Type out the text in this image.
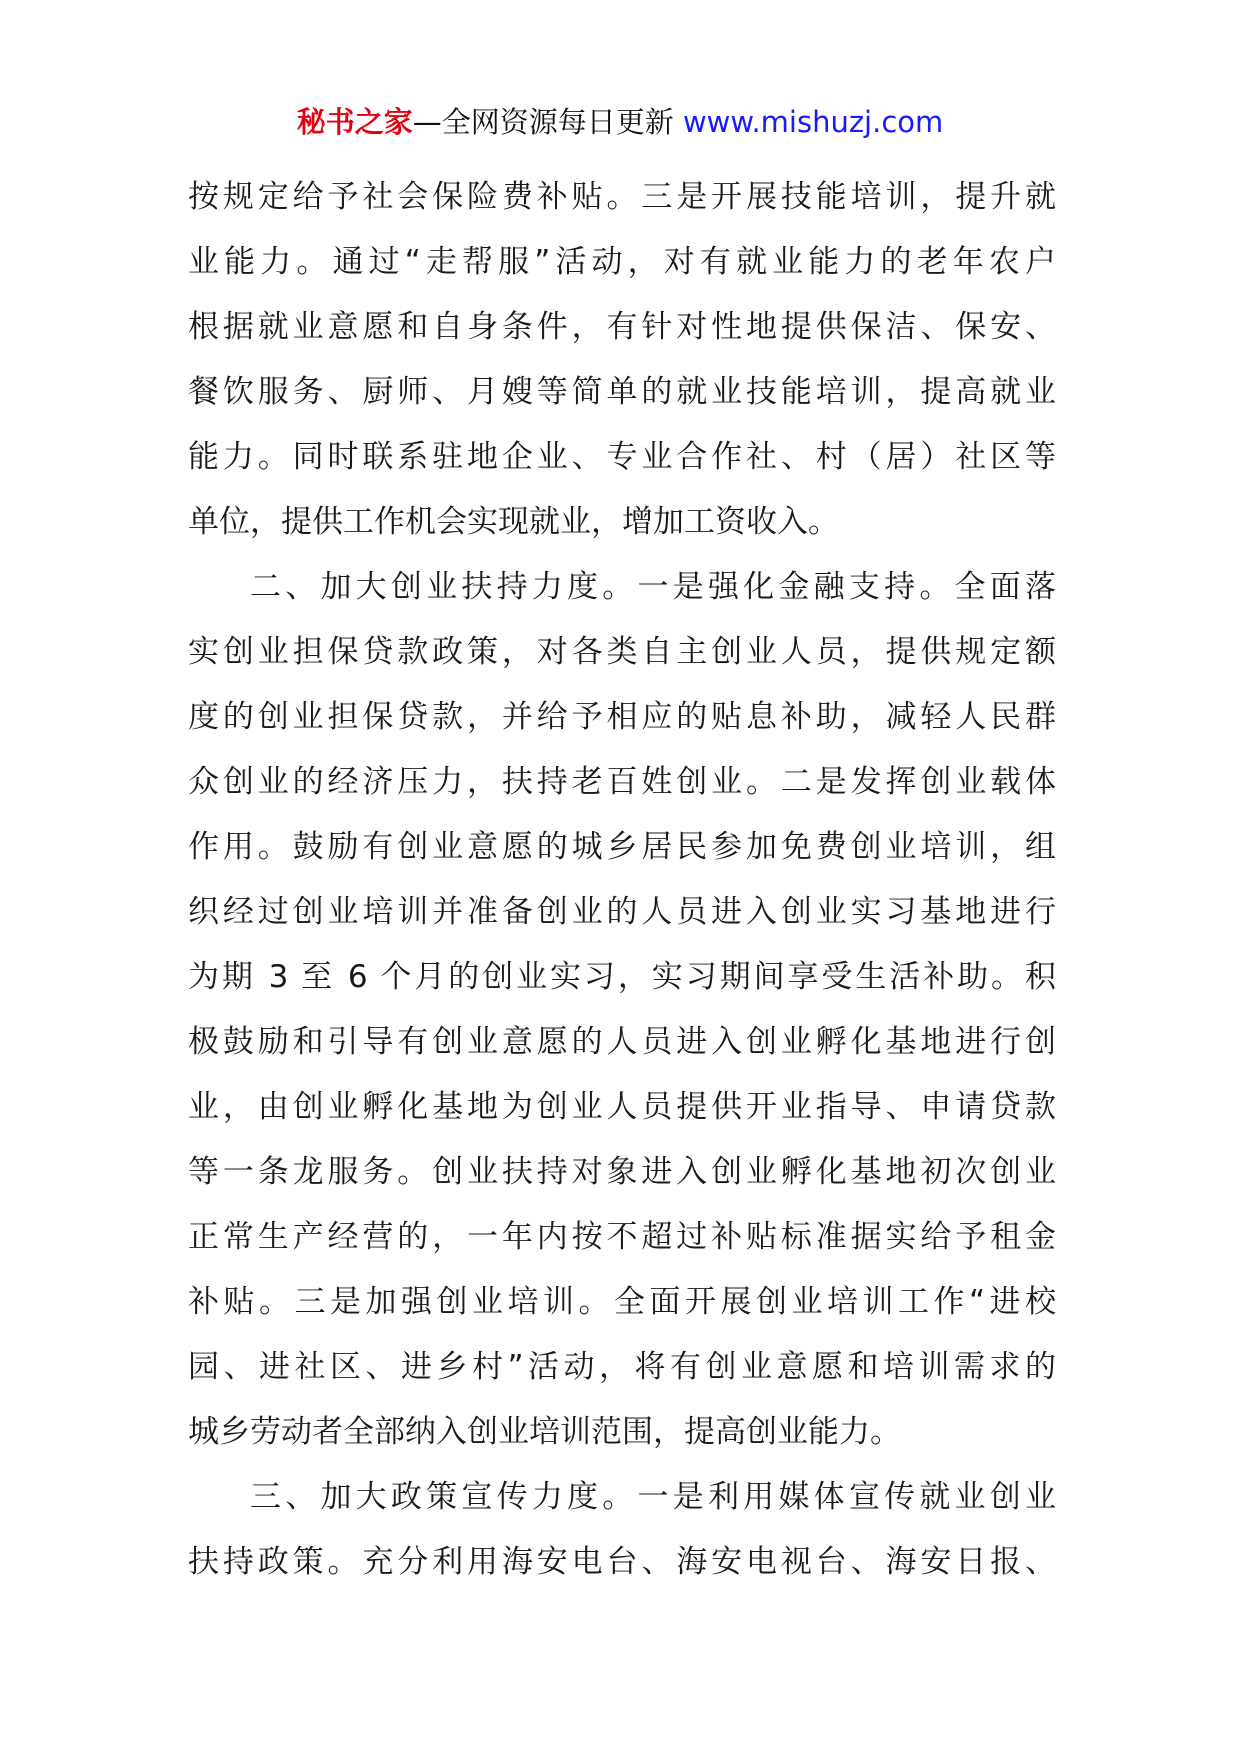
秘书之家—全网资源每日更新 www.mishuzj.com
按规定给予社会保险费补贴。三是开展技能培训，提升就
业能力。通过“走帮服”活动，对有就业能力的老年农户
根据就业意愿和自身条件，有针对性地提供保洁、保安、
餐饮服务、厨师、月嫂等简单的就业技能培训，提高就业
能力。同时联系驻地企业、专业合作社、村（居）社区等
单位，提供工作机会实现就业，增加工资收入。
二、加大创业扶持力度。一是强化金融支持。全面落
实创业担保贷款政策，对各类自主创业人员，提供规定额
度的创业担保贷款，并给予相应的贴息补助，减轻人民群
众创业的经济压力，扶持老百姓创业。二是发挥创业载体
作用。鼓励有创业意愿的城乡居民参加免费创业培训，组
织经过创业培训并准备创业的人员进入创业实习基地进行
为期 3 至 6 个月的创业实习，实习期间享受生活补助。积
极鼓励和引导有创业意愿的人员进入创业孵化基地进行创
业，由创业孵化基地为创业人员提供开业指导、申请贷款
等一条龙服务。创业扶持对象进入创业孵化基地初次创业
正常生产经营的，一年内按不超过补贴标准据实给予租金
补贴。三是加强创业培训。全面开展创业培训工作“进校
园、进社区、进乡村”活动，将有创业意愿和培训需求的
城乡劳动者全部纳入创业培训范围，提高创业能力。
三、加大政策宣传力度。一是利用媒体宣传就业创业
扶持政策。充分利用海安电台、海安电视台、海安日报、
